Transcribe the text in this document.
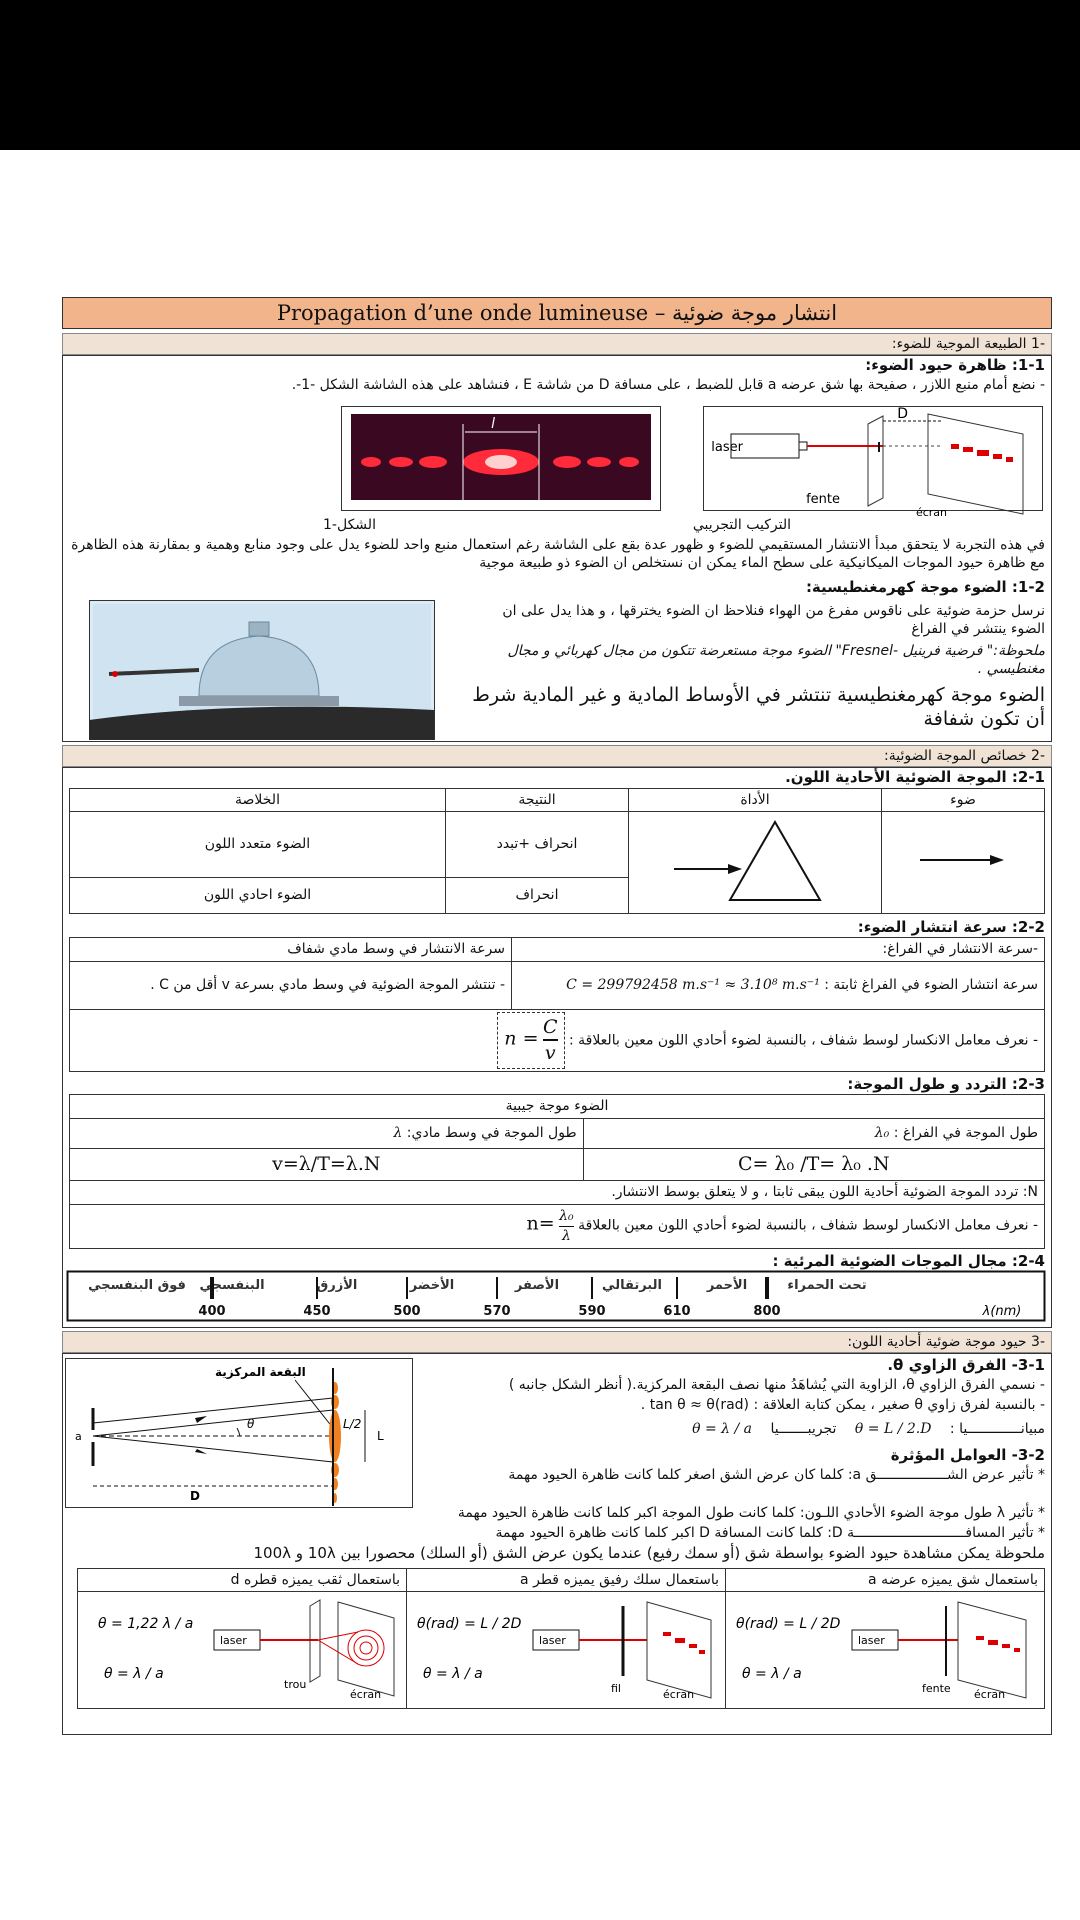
Propagation d’une onde lumineuse – انتشار موجة ضوئية
-1 الطبيعة الموجية للضوء:
1-1: ظاهرة حيود الضوء:
- نضع أمام منبع اللازر ، صفيحة بها شق عرضه a قابل للضبط ، على مسافة D من شاشة E ، فنشاهد على هذه الشاشة الشكل -1-.
laser
D
fente
écran
l
التركيب التجريبي
الشكل-1
في هذه التجربة لا يتحقق مبدأ الانتشار المستقيمي للضوء و ظهور عدة بقع على الشاشة رغم استعمال منبع واحد للضوء يدل على وجود منابع وهمية و بمقارنة هذه الظاهرة مع ظاهرة حيود الموجات الميكانيكية على سطح الماء يمكن ان نستخلص ان الضوء ذو طبيعة موجية
1-2: الضوء موجة كهرمغنطيسية:
نرسل حزمة ضوئية على ناقوس مفرغ من الهواء فنلاحظ ان الضوء يخترقها ، و هذا يدل على ان الضوء ينتشر في الفراغ
ملحوظة:" فرضية فرينيل -Fresnel" الضوء موجة مستعرضة تتكون من مجال كهربائي و مجال مغنطيسي .
الضوء موجة كهرمغنطيسية تنتشر في الأوساط المادية و غير المادية شرط أن تكون شفافة
-2 خصائص الموجة الضوئية:
2-1: الموجة الضوئية الأحادية اللون.
ضوء	الأداة	النتيجة	الخلاصة
		انحراف +تبدد	الضوء متعدد اللون
		انحراف	الضوء احادي اللون
2-2: سرعة انتشار الضوء:
-سرعة الانتشار في الفراغ:	سرعة الانتشار في وسط مادي شفاف
سرعة انتشار الضوء في الفراغ ثابتة : C = 299792458 m.s⁻¹ ≈ 3.10⁸ m.s⁻¹	- تنتشر الموجة الضوئية في وسط مادي بسرعة v أقل من C .
- نعرف معامل الانكسار لوسط شفاف ، بالنسبة لضوء أحادي اللون معين بالعلاقة : $n = \frac{C}{v}$
2-3: التردد و طول الموجة:
الضوء موجة جيبية	
طول الموجة في الفراغ : λ₀	طول الموجة في وسط مادي: λ
C= λ₀ /T= λ₀ .N	v=λ/T=λ.N
N: تردد الموجة الضوئية أحادية اللون يبقى ثابتا ، و لا يتعلق بوسط الانتشار.	
- نعرف معامل الانكسار لوسط شفاف ، بالنسبة لضوء أحادي اللون معين بالعلاقة $n= \frac{\text{λ₀}}{\lambda}$
2-4: مجال الموجات الضوئية المرئية :
فوق البنفسجي البنفسجي	الأزرق	الأخضر	الأصفر	البرتقالي	الأحمر	تحت الحمراء
400	450	500	570	590	610	800	λ(nm)
-3 حيود موجة ضوئية أحادية اللون:
البقعة المركزية
θ	L/2
L
a
D
3-1- الفرق الزاوي θ.
- نسمي الفرق الزاوي θ، الزاوية التي يُشاهَدُ منها نصف البقعة المركزية.( أنظر الشكل جانبه )
- بالنسبة لفرق زاوي θ صغير ، يمكن كتابة العلاقة : tan θ ≈ θ(rad) .
مبيانـــــــــــــيا : θ = L / 2.D تجريبـــــــيا θ = λ / a
3-2- العوامل المؤثرة
* تأثير عرض الشـــــــــــــــــق a: كلما كان عرض الشق اصغر كلما كانت ظاهرة الحيود مهمة
* تأثير λ طول موجة الضوء الأحادي اللـون: كلما كانت طول الموجة اكبر كلما كانت ظاهرة الحيود مهمة
* تأثير المسافـــــــــــــــــــــــــــة D: كلما كانت المسافة D اكبر كلما كانت ظاهرة الحيود مهمة
ملحوظة يمكن مشاهدة حيود الضوء بواسطة شق (أو سمك رفيع) عندما يكون عرض الشق (أو السلك) محصورا بين 10λ و 100λ
باستعمال شق يميزه عرضه a	باستعمال سلك رفيق يميزه قطر a	باستعمال ثقب يميزه قطره d

θ(rad) = L / 2D
θ = λ / a
laser
fente écran	θ(rad) = L / 2D
θ = λ / a
laser
fil écran	θ = 1,22 λ / a
θ = λ / a
laser
trou
écran
